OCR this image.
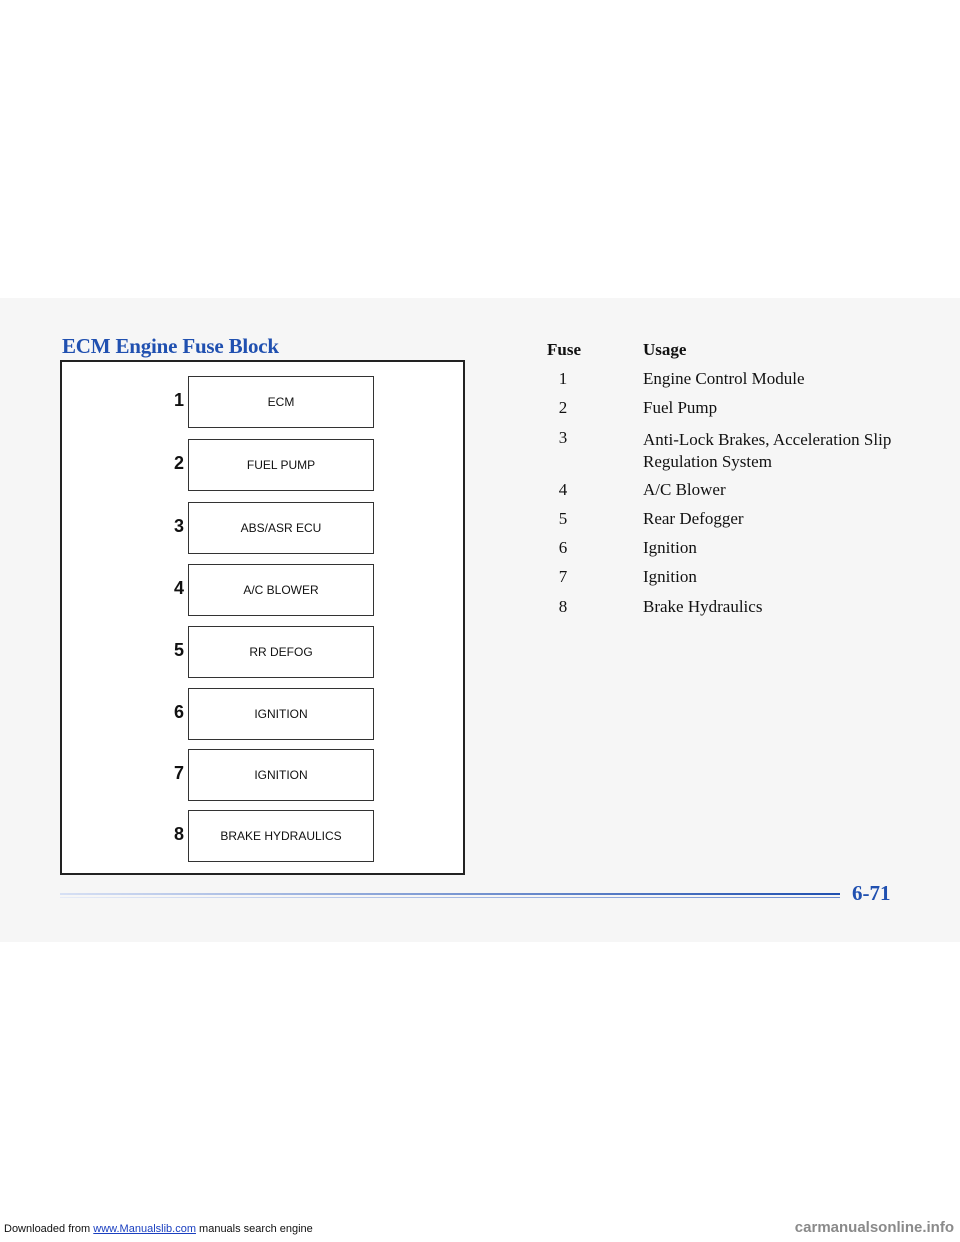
ECM Engine Fuse Block
1	ECM
2	FUEL PUMP
3	ABS/ASR ECU
4	A/C BLOWER
5	RR DEFOG
6	IGNITION
7	IGNITION
8	BRAKE HYDRAULICS
Fuse	Usage
1	Engine Control Module
2	Fuel Pump
3	Anti-Lock Brakes, Acceleration Slip Regulation System
4	A/C Blower
5	Rear Defogger
6	Ignition
7	Ignition
8	Brake Hydraulics
6-71
Downloaded from www.Manualslib.com manuals search engine	carmanualsonline.info
